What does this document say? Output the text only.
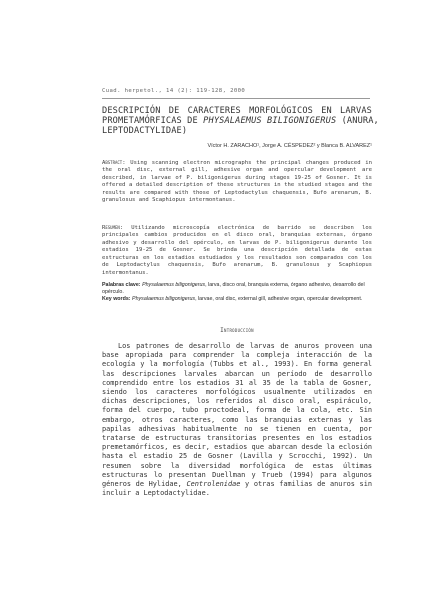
Cuad. herpetol., 14 (2): 119-128, 2000
DESCRIPCIÓN DE CARACTERES MORFOLÓGICOS EN LARVAS
PROMETAMÓRFICAS DE PHYSALAEMUS BILIGONIGERUS (ANURA,
LEPTODACTYLIDAE)
Víctor H. ZARACHO¹, Jorge A. CÉSPEDEZ² y Blanca B. ALVAREZ¹

Abstract: Using scanning electron micrographs the principal changes produced in the oral disc, external gill, adhesive organ and opercular development are described, in larvae of P. biligonigerus during stages 19-25 of Gosner. It is offered a detailed description of these structures in the studied stages and the results are compared with those of Leptodactylus chaquensis, Bufo arenarum, B. granulosus and Scaphiopus intermontanus.

Resumen: Utilizando microscopía electrónica de barrido se describen los principales cambios producidos en el disco oral, branquias externas, órgano adhesivo y desarrollo del opérculo, en larvas de P. biligonigerus durante los estadios 19-25 de Gosner. Se brinda una descripción detallada de estas estructuras en los estadios estudiados y los resultados son comparados con los de Leptodactylus chaquensis, Bufo arenarum, B. granulosus y Scaphiopus intermontanus.

Palabras clave: Physalaemus biligonigerus, larva, disco oral, branquia externa, órgano adhesivo, desarrollo del opérculo.

Key words: Physalaemus biligonigerus, larvae, oral disc, external gill, adhesive organ, opercular development.

Introducción

Los patrones de desarrollo de larvas de anuros proveen una base apropiada para comprender la compleja interacción de la ecología y la morfología (Tubbs et al., 1993). En forma general las descripciones larvales abarcan un período de desarrollo comprendido entre los estadios 31 al 35 de la tabla de Gosner, siendo los caracteres morfológicos usualmente utilizados en dichas descripciones, los referidos al disco oral, espiráculo, forma del cuerpo, tubo proctodeal, forma de la cola, etc. Sin embargo, otros caracteres, como las branquias externas y las papilas adhesivas habitualmente no se tienen en cuenta, por tratarse de estructuras transitorias presentes en los estadios premetamórficos, es decir, estadios que abarcan desde la eclosión hasta el estadio 25 de Gosner (Lavilla y Scrocchi, 1992). Un resumen sobre la diversidad morfológica de estas últimas estructuras lo presentan Duellman y Trueb (1994) para algunos géneros de Hylidae, Centrolenidae y otras familias de anuros sin incluir a Leptodactylidae.
